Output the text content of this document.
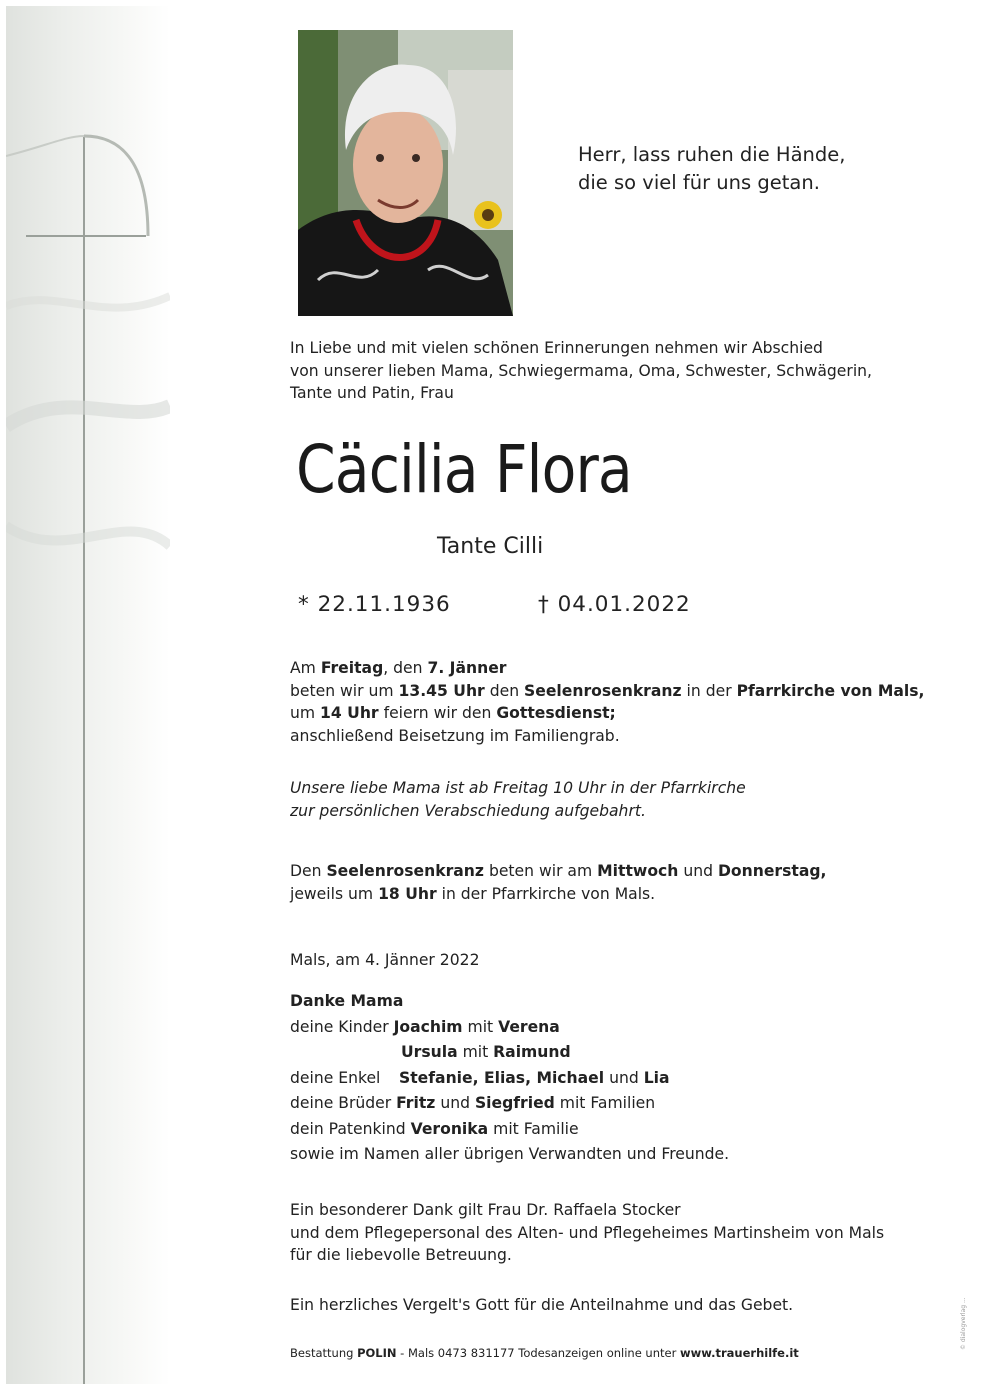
Herr, lass ruhen die Hände,
die so viel für uns getan.
In Liebe und mit vielen schönen Erinnerungen nehmen wir Abschied
von unserer lieben Mama, Schwiegermama, Oma, Schwester, Schwägerin,
Tante und Patin, Frau
Cäcilia Flora
Tante Cilli
* 22.11.1936	† 04.01.2022
Am Freitag, den 7. Jänner
beten wir um 13.45 Uhr den Seelenrosenkranz in der Pfarrkirche von Mals,
um 14 Uhr feiern wir den Gottesdienst;
anschließend Beisetzung im Familiengrab.
Unsere liebe Mama ist ab Freitag 10 Uhr in der Pfarrkirche
zur persönlichen Verabschiedung aufgebahrt.
Den Seelenrosenkranz beten wir am Mittwoch und Donnerstag,
jeweils um 18 Uhr in der Pfarrkirche von Mals.
Mals, am 4. Jänner 2022
Danke Mama
deine Kinder Joachim mit Verena
Ursula mit Raimund
deine Enkel Stefanie, Elias, Michael und Lia
deine Brüder Fritz und Siegfried mit Familien
dein Patenkind Veronika mit Familie
sowie im Namen aller übrigen Verwandten und Freunde.
Ein besonderer Dank gilt Frau Dr. Raffaela Stocker
und dem Pflegepersonal des Alten- und Pflegeheimes Martinsheim von Mals
für die liebevolle Betreuung.
Ein herzliches Vergelt's Gott für die Anteilnahme und das Gebet.
Bestattung POLIN - Mals 0473 831177 Todesanzeigen online unter www.trauerhilfe.it
© dialogverlag ...
